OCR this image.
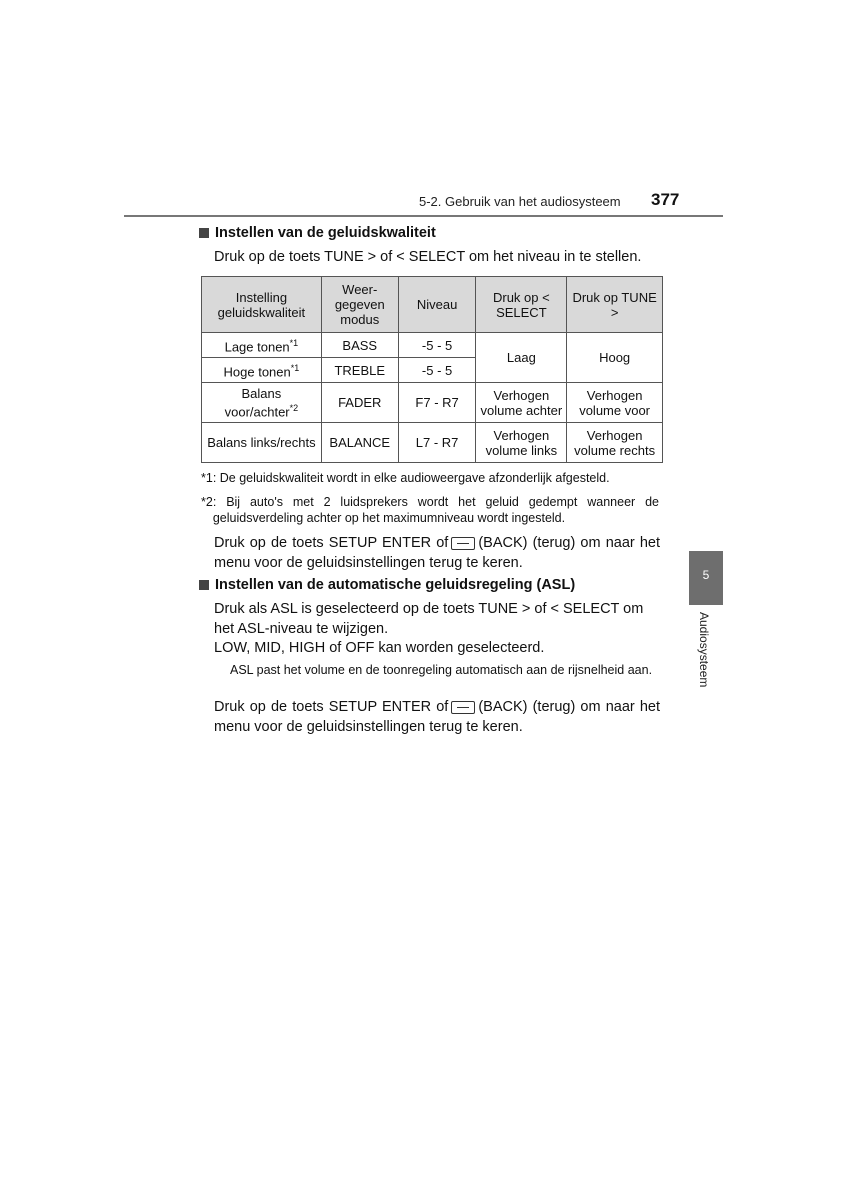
5-2. Gebruik van het audiosysteem 377
Instellen van de geluidskwaliteit
Druk op de toets TUNE > of < SELECT om het niveau in te stellen.
Instelling geluidskwaliteit	Weer-gegeven modus	Niveau	Druk op < SELECT	Druk op TUNE >
Lage tonen$^{*1}$	BASS	-5 - 5	Laag	Hoog
Hoge tonen$^{*1}$	TREBLE	-5 - 5		
Balans voor/achter$^{*2}$	FADER	F7 - R7	Verhogen volume achter	Verhogen volume voor
Balans links/rechts	BALANCE	L7 - R7	Verhogen volume links	Verhogen volume rechts
*1: De geluidskwaliteit wordt in elke audioweergave afzonderlijk afgesteld.
*2 : Bij auto's met 2 luidsprekers wordt het geluid gedempt wanneer de geluidsverdeling achter op het maximumniveau wordt ingesteld.
Druk op de toets SETUP ENTER of (BACK) (terug) om naar het menu voor de geluidsinstellingen terug te keren.
Instellen van de automatische geluidsregeling (ASL)
Druk als ASL is geselecteerd op de toets TUNE > of < SELECT om het ASL-niveau te wijzigen.
LOW, MID, HIGH of OFF kan worden geselecteerd.
ASL past het volume en de toonregeling automatisch aan de rijsnelheid aan.
Druk op de toets SETUP ENTER of (BACK) (terug) om naar het menu voor de geluidsinstellingen terug te keren.
5
Audiosysteem
